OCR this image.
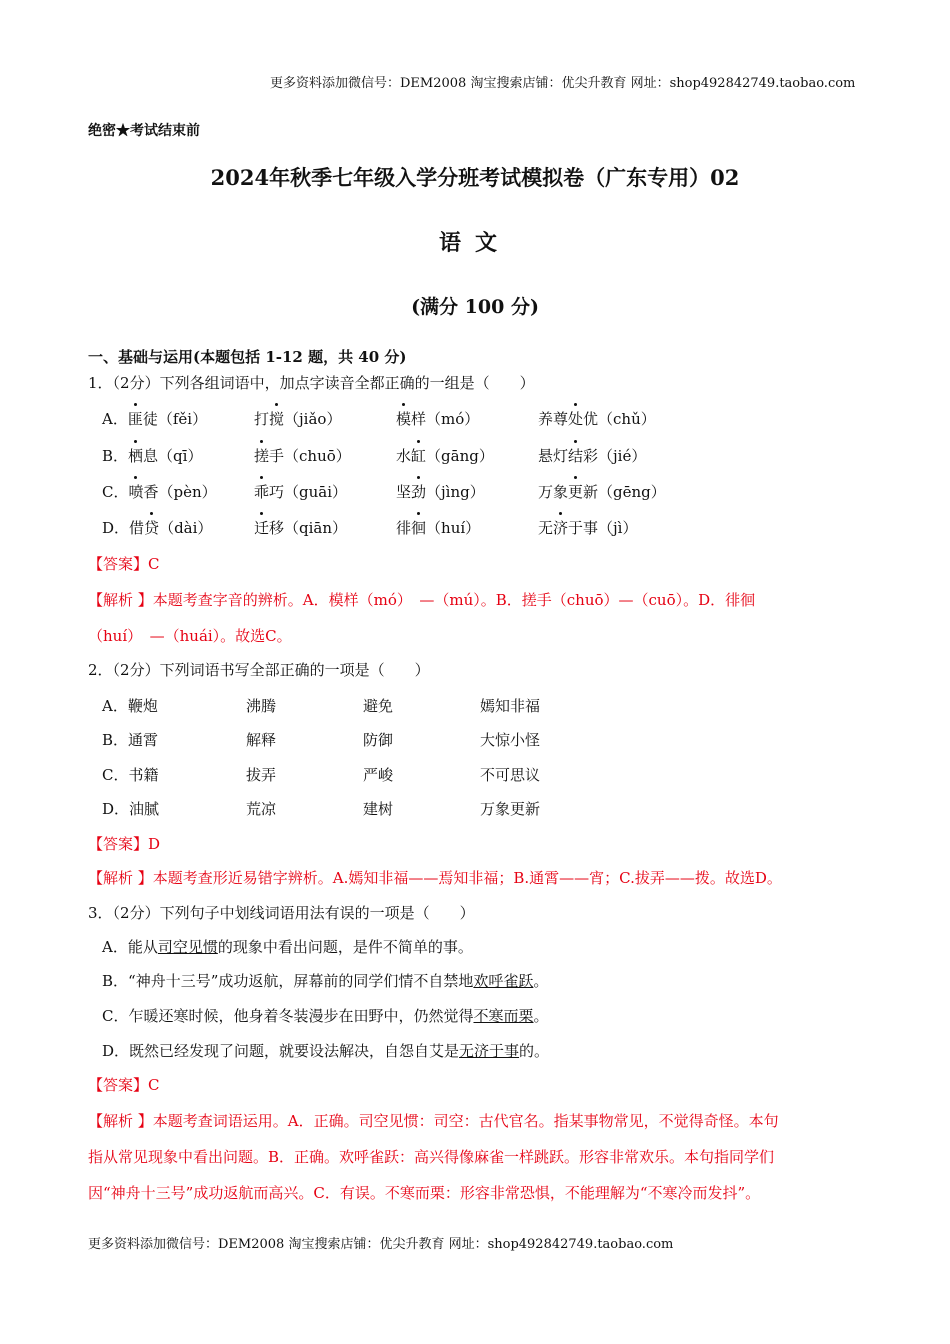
更多资料添加微信号：DEM2008 淘宝搜索店铺：优尖升教育 网址：shop492842749.taobao.com
绝密★考试结束前
2024年秋季七年级入学分班考试模拟卷（广东专用）02
语文
(满分 100 分)
一、基础与运用(本题包括 1-12 题，共 40 分)
1．（2分）下列各组词语中，加点字读音全都正确的一组是（　　）
A．匪徒（fěi）	打搅（jiǎo）	模样（mó）	养尊处优（chǔ）
B．栖息（qī）	搓手（chuō）	水缸（gāng）	悬灯结彩（jié）
C．喷香（pèn） 乖巧（guāi）	坚劲（jìng）	万象更新（gēng）
D．借贷（dài）	迁移（qiān）	徘徊（huí）	无济于事（jì）
【答案】C
【解析 】本题考查字音的辨析。A．模样（mó）　—（mú）。B．搓手（chuō）—（cuō）。D．徘徊
（huí）　—（huái）。故选C。
2．（2分）下列词语书写全部正确的一项是（　　）
A．鞭炮	沸腾	避免	嫣知非福
B．通霄	解释	防御	大惊小怪
C．书籍	拔弄	严峻	不可思议
D．油腻	荒凉	建树	万象更新
【答案】D
【解析 】本题考查形近易错字辨析。A.嫣知非福——焉知非福；B.通霄——宵；C.拔弄——拨。故选D。
3．（2分）下列句子中划线词语用法有误的一项是（　　）
A．能从司空见惯的现象中看出问题，是件不简单的事。
B．“神舟十三号”成功返航，屏幕前的同学们情不自禁地欢呼雀跃。
C．乍暖还寒时候，他身着冬装漫步在田野中，仍然觉得不寒而栗。
D．既然已经发现了问题，就要设法解决，自怨自艾是无济于事的。
【答案】C
【解析 】本题考查词语运用。A．正确。司空见惯：司空：古代官名。指某事物常见，不觉得奇怪。本句
指从常见现象中看出问题。B．正确。欢呼雀跃：高兴得像麻雀一样跳跃。形容非常欢乐。本句指同学们
因“神舟十三号”成功返航而高兴。C．有误。不寒而栗：形容非常恐惧，不能理解为“不寒冷而发抖”。
更多资料添加微信号：DEM2008 淘宝搜索店铺：优尖升教育 网址：shop492842749.taobao.com
